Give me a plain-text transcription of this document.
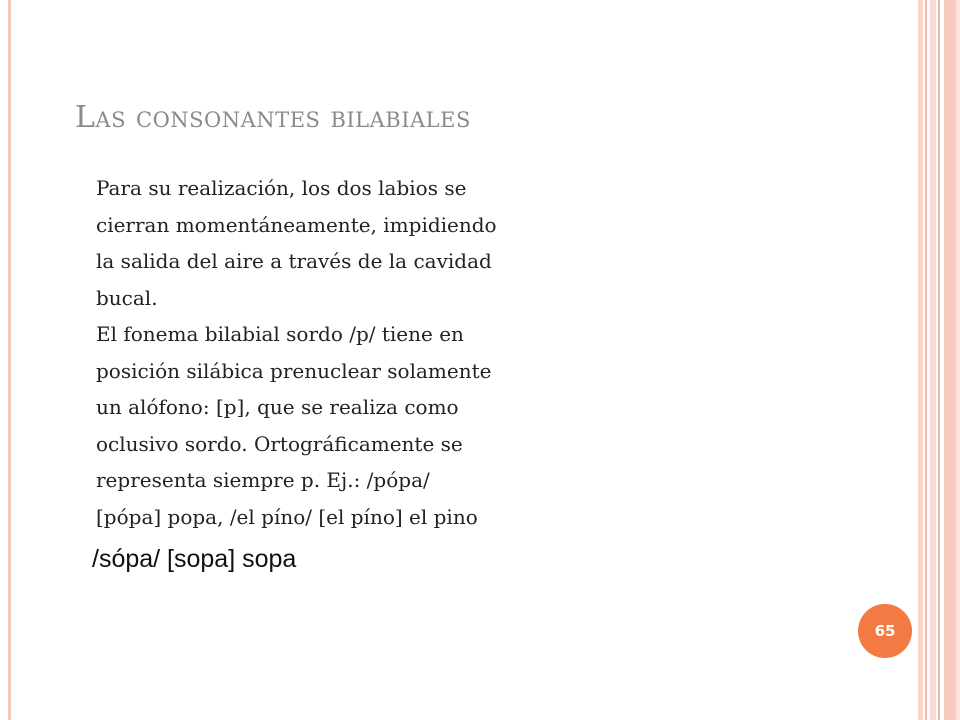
Las consonantes bilabiales

Para su realización, los dos labios se
cierran momentáneamente, impidiendo
la salida del aire a través de la cavidad
bucal.

El fonema bilabial sordo /p/ tiene en
posición silábica prenuclear solamente
un alófono: [p], que se realiza como
oclusivo sordo. Ortográficamente se
representa siempre p. Ej.: /pópa/
[pópa] popa, /el píno/ [el píno] el pino

/sópa/ [sopa] sopa

65
